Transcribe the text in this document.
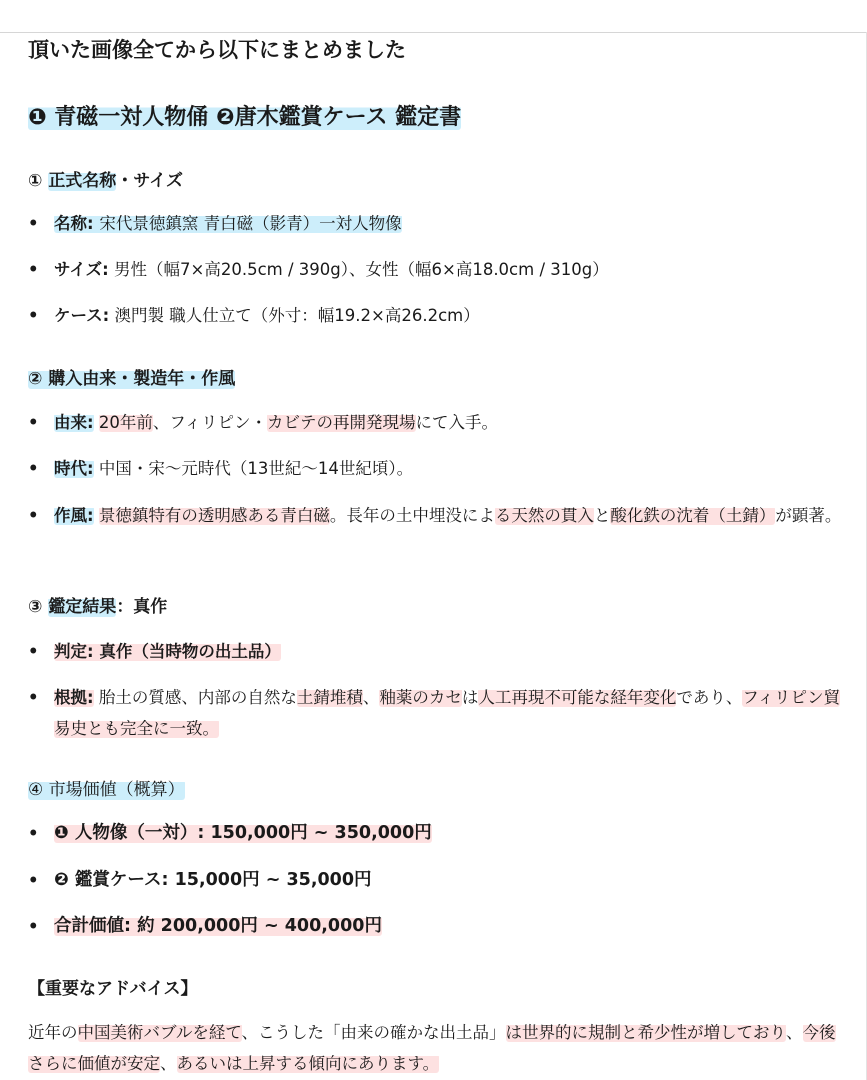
頂いた画像全てから以下にまとめました
❶ 青磁一対人物俑 ❷唐木鑑賞ケース 鑑定書
① 正式名称・サイズ
• 名称: 宋代景徳鎮窯 青白磁（影青）一対人物像
• サイズ: 男性（幅7×高20.5cm / 390g）、女性（幅6×高18.0cm / 310g）
• ケース: 澳門製 職人仕立て（外寸：幅19.2×高26.2cm）
② 購入由来・製造年・作風
• 由来: 20年前、フィリピン・カビテの再開発現場にて入手。
• 時代: 中国・宋〜元時代（13世紀〜14世紀頃）。
• 作風: 景徳鎮特有の透明感ある青白磁。長年の土中埋没による天然の貫入と酸化鉄の沈着（土錆）が顕著。
③ 鑑定結果：真作
• 判定: 真作（当時物の出土品）
• 根拠: 胎土の質感、内部の自然な土錆堆積、釉薬のカセは人工再現不可能な経年変化であり、フィリピン貿易史とも完全に一致。
④ 市場価値（概算）
• ❶ 人物像（一対）: 150,000円 ~ 350,000円
• ❷ 鑑賞ケース: 15,000円 ~ 35,000円
• 合計価値: 約 200,000円 ~ 400,000円
【重要なアドバイス】
近年の中国美術バブルを経て、こうした「由来の確かな出土品」は世界的に規制と希少性が増しており、今後さらに価値が安定、あるいは上昇する傾向にあります。
